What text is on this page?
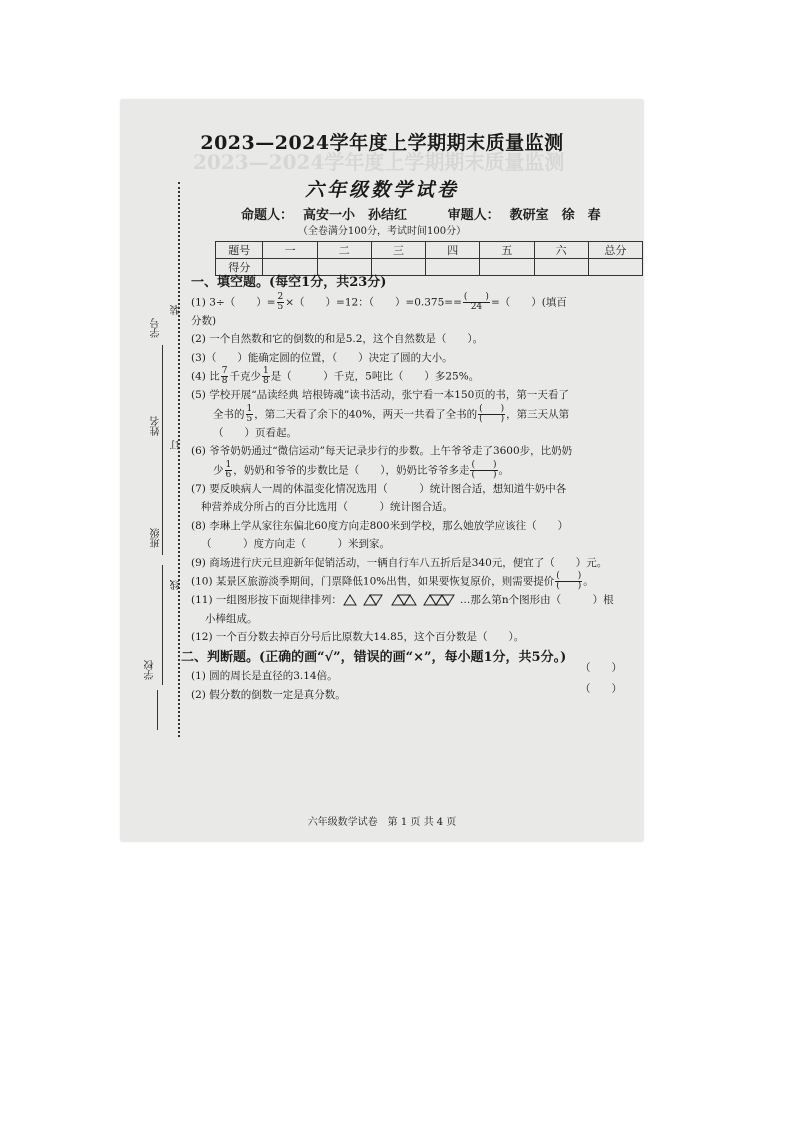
2023—2024学年度上学期期末质量监测
2023—2024学年度上学期期末质量监测
六年级数学试卷
命题人： 高安一小　孙结红	审题人： 教研室　徐　春
（全卷满分100分，考试时间100分）
题号	一	二	三	四	五	六	总分
得分							
装
订
线
学号
姓名
班级
学校
一、填空题。(每空1分，共23分)
(1) 3÷（　　）= $\frac{2}{5}$ ×（　　）=12：（　　）$=0.375== \frac{( )}{24}$ =（　　）(填百
分数)
(2) 一个自然数和它的倒数的和是5.2，这个自然数是（　　）。
(3)（　　）能确定圆的位置，（　　）决定了圆的大小。
(4) 比 $\frac{7}{8}$ 千克少 $\frac{1}{8}$ 是（　　　）千克，5吨比（　　）多25%。
(5) 学校开展“品读经典 培根铸魂”读书活动，张宁看一本150页的书，第一天看了
全书的 $\frac{1}{5}$ ，第二天看了余下的40%，两天一共看了全书的 $\frac{( )}{( )}$ ，第三天从第
（　　）页看起。
(6) 爷爷奶奶通过“微信运动”每天记录步行的步数。上午爷爷走了3600步，比奶奶
少 $\frac{1}{6}$ ，奶奶和爷爷的步数比是（　　），奶奶比爷爷多走 $\frac{( )}{( )}$ 。
(7) 要反映病人一周的体温变化情况选用（　　　）统计图合适，想知道牛奶中各
种营养成分所占的百分比选用（　　　）统计图合适。
(8) 李琳上学从家往东偏北60度方向走800米到学校，那么她放学应该往（　　）
（　　　）度方向走（　　　）米到家。
(9) 商场进行庆元旦迎新年促销活动，一辆自行车八五折后是340元，便宜了（　　）元。
(10) 某景区旅游淡季期间，门票降低10%出售，如果要恢复原价，则需要提价 $\frac{( )}{( )}$ 。
(11) 一组图形按下面规律排列：	…那么第n个图形由（　　　）根
小棒组成。
(12) 一个百分数去掉百分号后比原数大14.85，这个百分数是（　　）。
二、判断题。(正确的画“√”，错误的画“×”，每小题1分，共5分。)
(1) 圆的周长是直径的3.14倍。
（　　）
(2) 假分数的倒数一定是真分数。	（　　）
六年级数学试卷　第 1 页 共 4 页
